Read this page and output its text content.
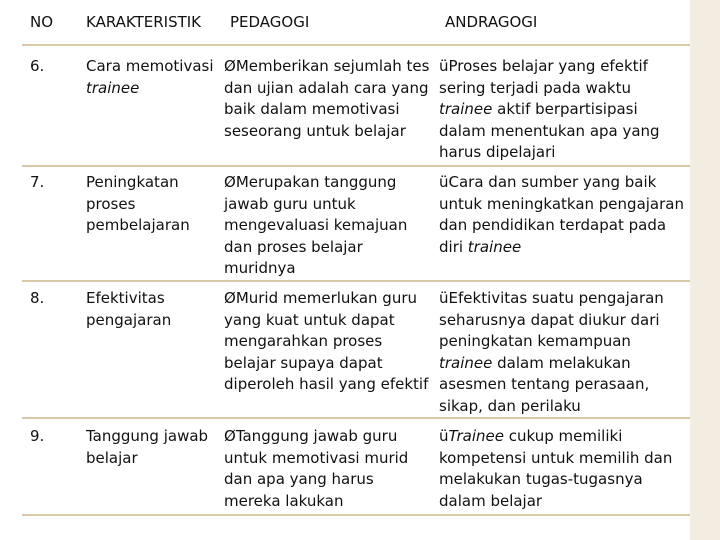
NO	KARAKTERISTIK	PEDAGOGI	ANDRAGOGI
6.	Cara memotivasi trainee	ØMemberikan sejumlah tes dan ujian adalah cara yang baik dalam memotivasi seseorang untuk belajar	üProses belajar yang efektif sering terjadi pada waktu trainee aktif berpartisipasi dalam menentukan apa yang harus dipelajari
7.	Peningkatan proses pembelajaran	ØMerupakan tanggung jawab guru untuk mengevaluasi kemajuan dan proses belajar muridnya	üCara dan sumber yang baik untuk meningkatkan pengajaran dan pendidikan terdapat pada diri trainee
8.	Efektivitas pengajaran	ØMurid memerlukan guru yang kuat untuk dapat mengarahkan proses belajar supaya dapat diperoleh hasil yang efektif	üEfektivitas suatu pengajaran seharusnya dapat diukur dari peningkatan kemampuan trainee dalam melakukan asesmen tentang perasaan, sikap, dan perilaku
9.	Tanggung jawab belajar	ØTanggung jawab guru untuk memotivasi murid dan apa yang harus mereka lakukan	üTrainee cukup memiliki kompetensi untuk memilih dan melakukan tugas-tugasnya dalam belajar
